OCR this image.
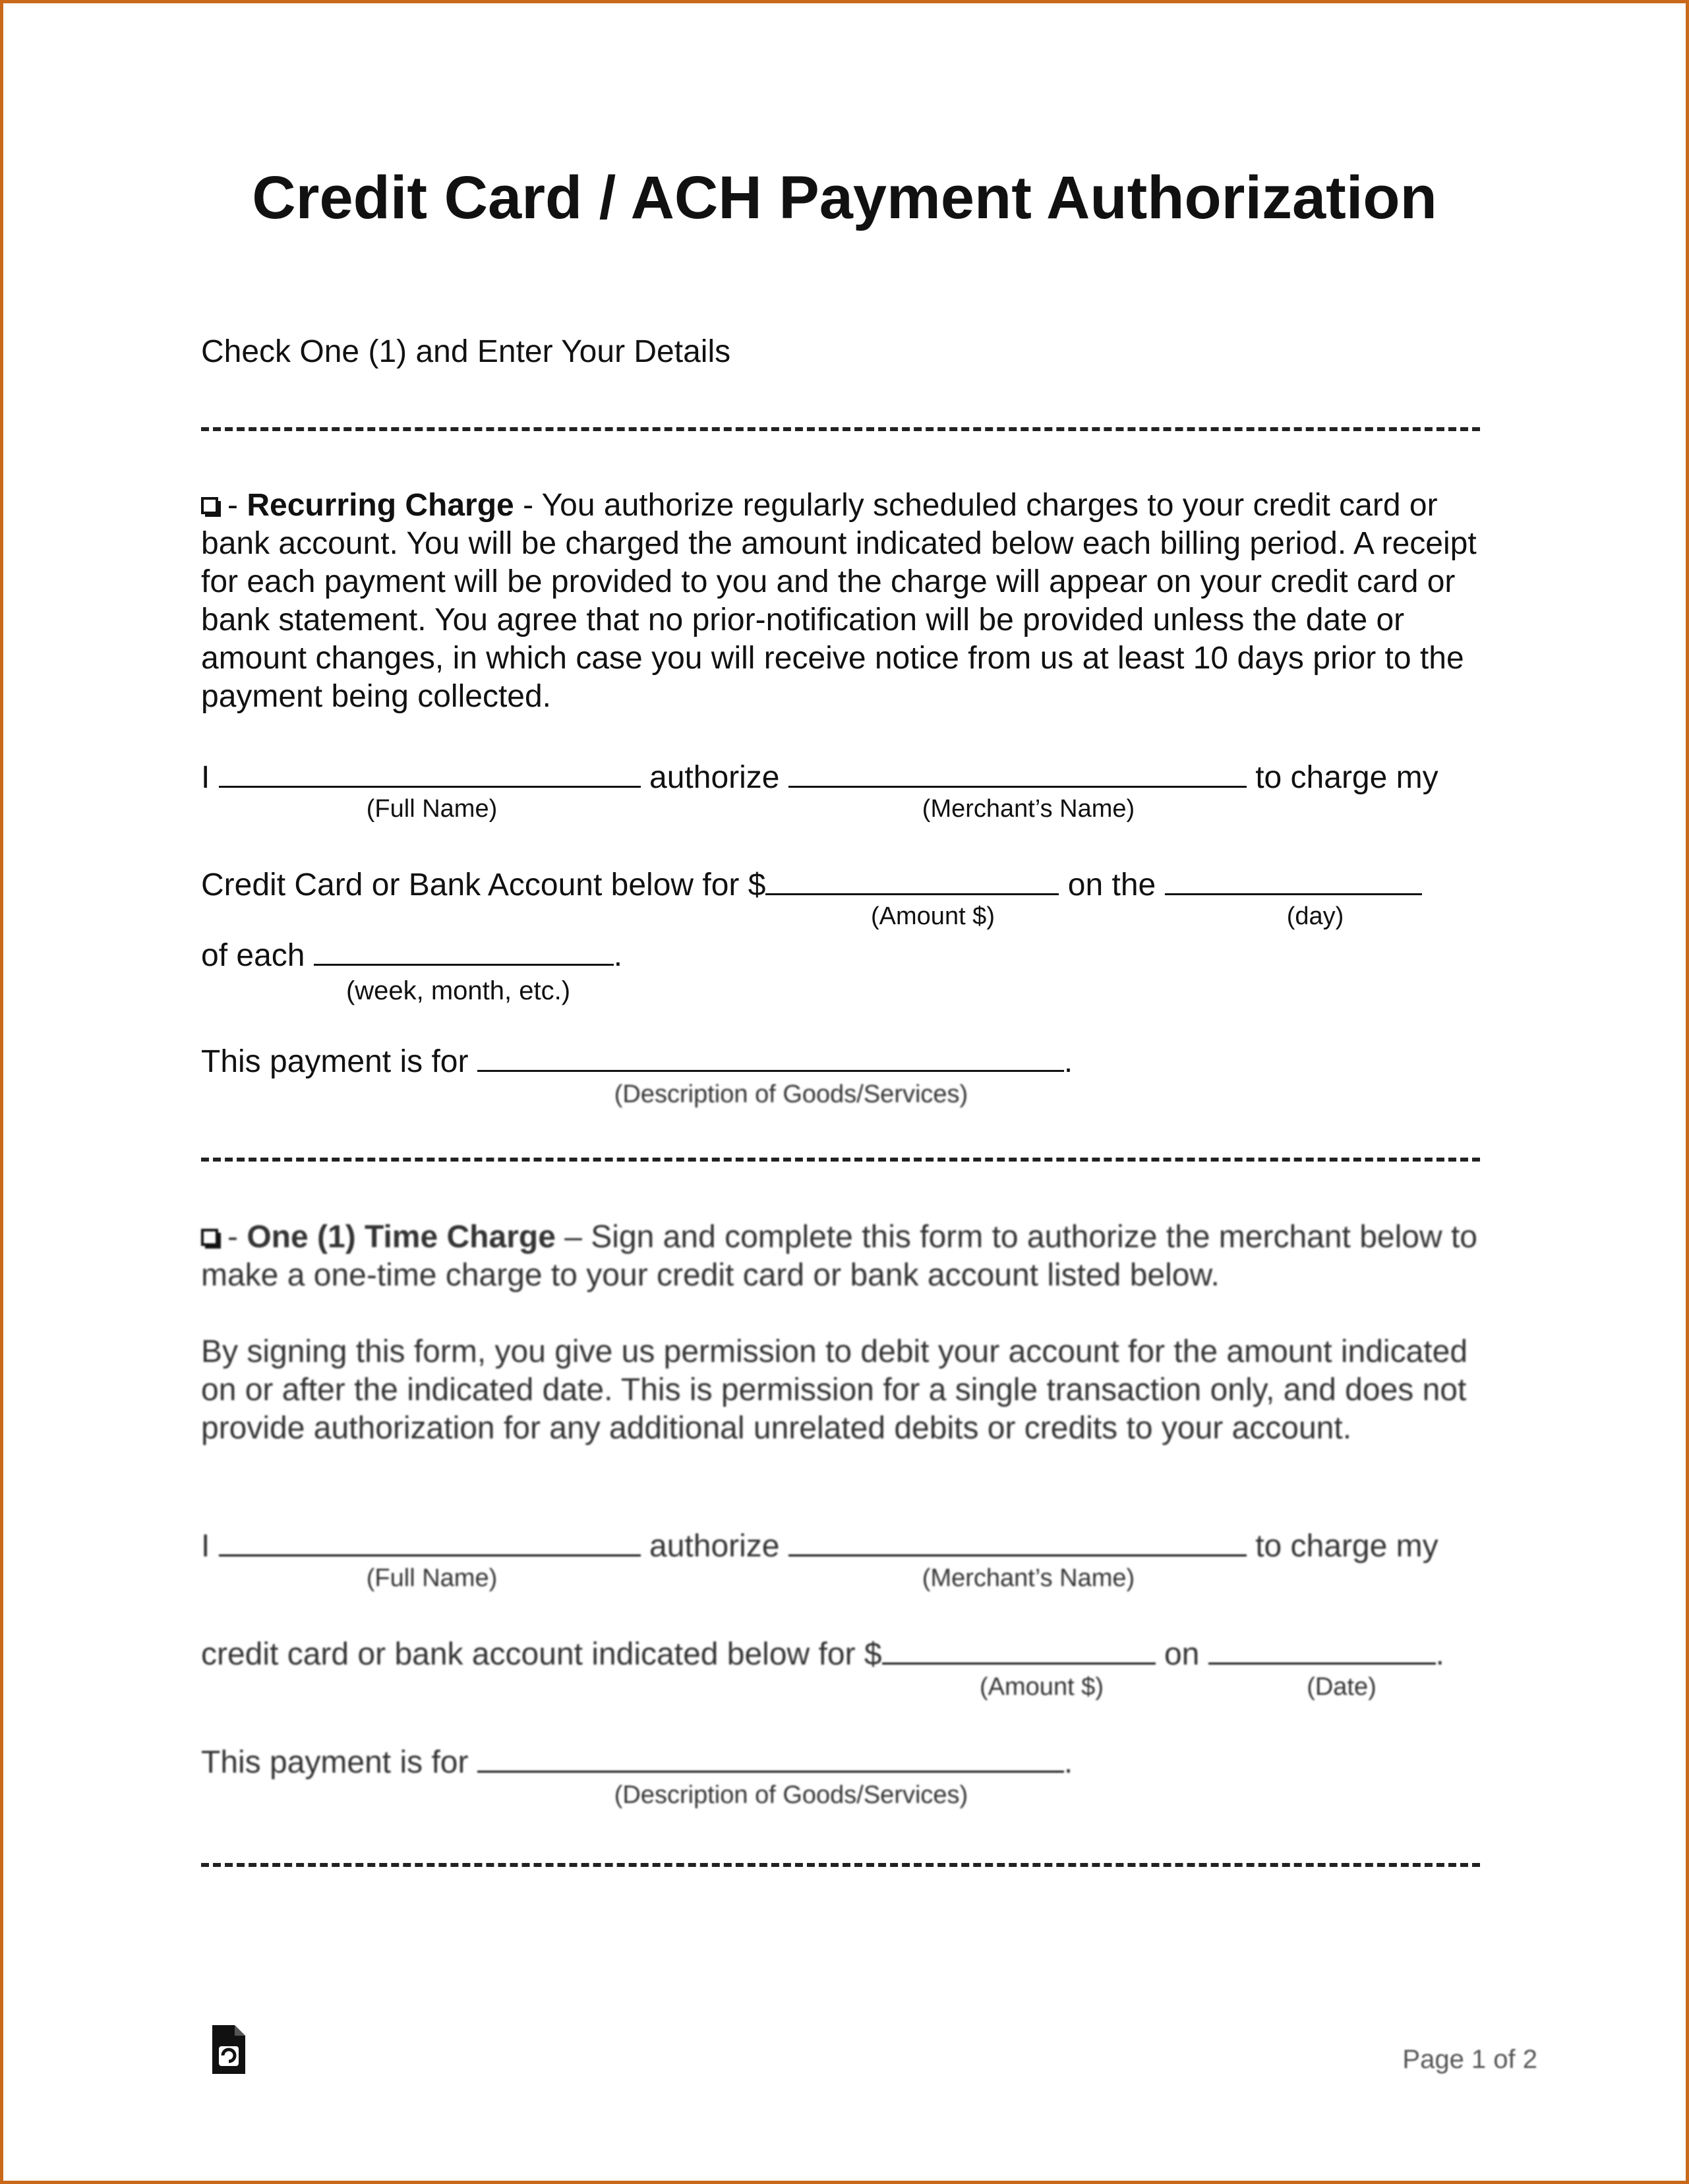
Credit Card / ACH Payment Authorization
Check One (1) and Enter Your Details
- Recurring Charge - You authorize regularly scheduled charges to your credit card or bank account. You will be charged the amount indicated below each billing period. A receipt for each payment will be provided to you and the charge will appear on your credit card or bank statement. You agree that no prior-notification will be provided unless the date or amount changes, in which case you will receive notice from us at least 10 days prior to the payment being collected.
I	authorize	to charge my
(Full Name)	(Merchant’s Name)
Credit Card or Bank Account below for $	on the
(Amount $)	(day)
of each	.
(week, month, etc.)
This payment is for	.
(Description of Goods/Services)
- One (1) Time Charge – Sign and complete this form to authorize the merchant below to make a one-time charge to your credit card or bank account listed below.
By signing this form, you give us permission to debit your account for the amount indicated on or after the indicated date. This is permission for a single transaction only, and does not provide authorization for any additional unrelated debits or credits to your account.
I	authorize	to charge my
(Full Name)	(Merchant’s Name)
credit card or bank account indicated below for $	on	.
(Amount $)	(Date)
This payment is for	.
(Description of Goods/Services)
Page 1 of 2
